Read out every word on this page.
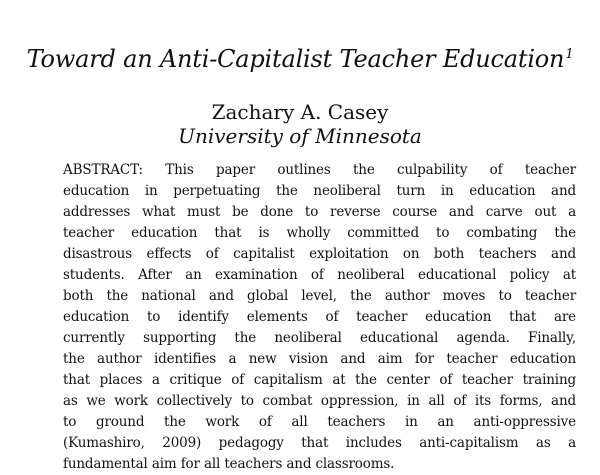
Toward an Anti-Capitalist Teacher Education$^1$
Zachary A. Casey
University of Minnesota
ABSTRACT: This paper outlines the culpability of teacher
education in perpetuating the neoliberal turn in education and
addresses what must be done to reverse course and carve out a
teacher education that is wholly committed to combating the
disastrous effects of capitalist exploitation on both teachers and
students. After an examination of neoliberal educational policy at
both the national and global level, the author moves to teacher
education to identify elements of teacher education that are
currently supporting the neoliberal educational agenda. Finally,
the author identifies a new vision and aim for teacher education
that places a critique of capitalism at the center of teacher training
as we work collectively to combat oppression, in all of its forms, and
to ground the work of all teachers in an anti-oppressive
(Kumashiro, 2009) pedagogy that includes anti-capitalism as a
fundamental aim for all teachers and classrooms.
